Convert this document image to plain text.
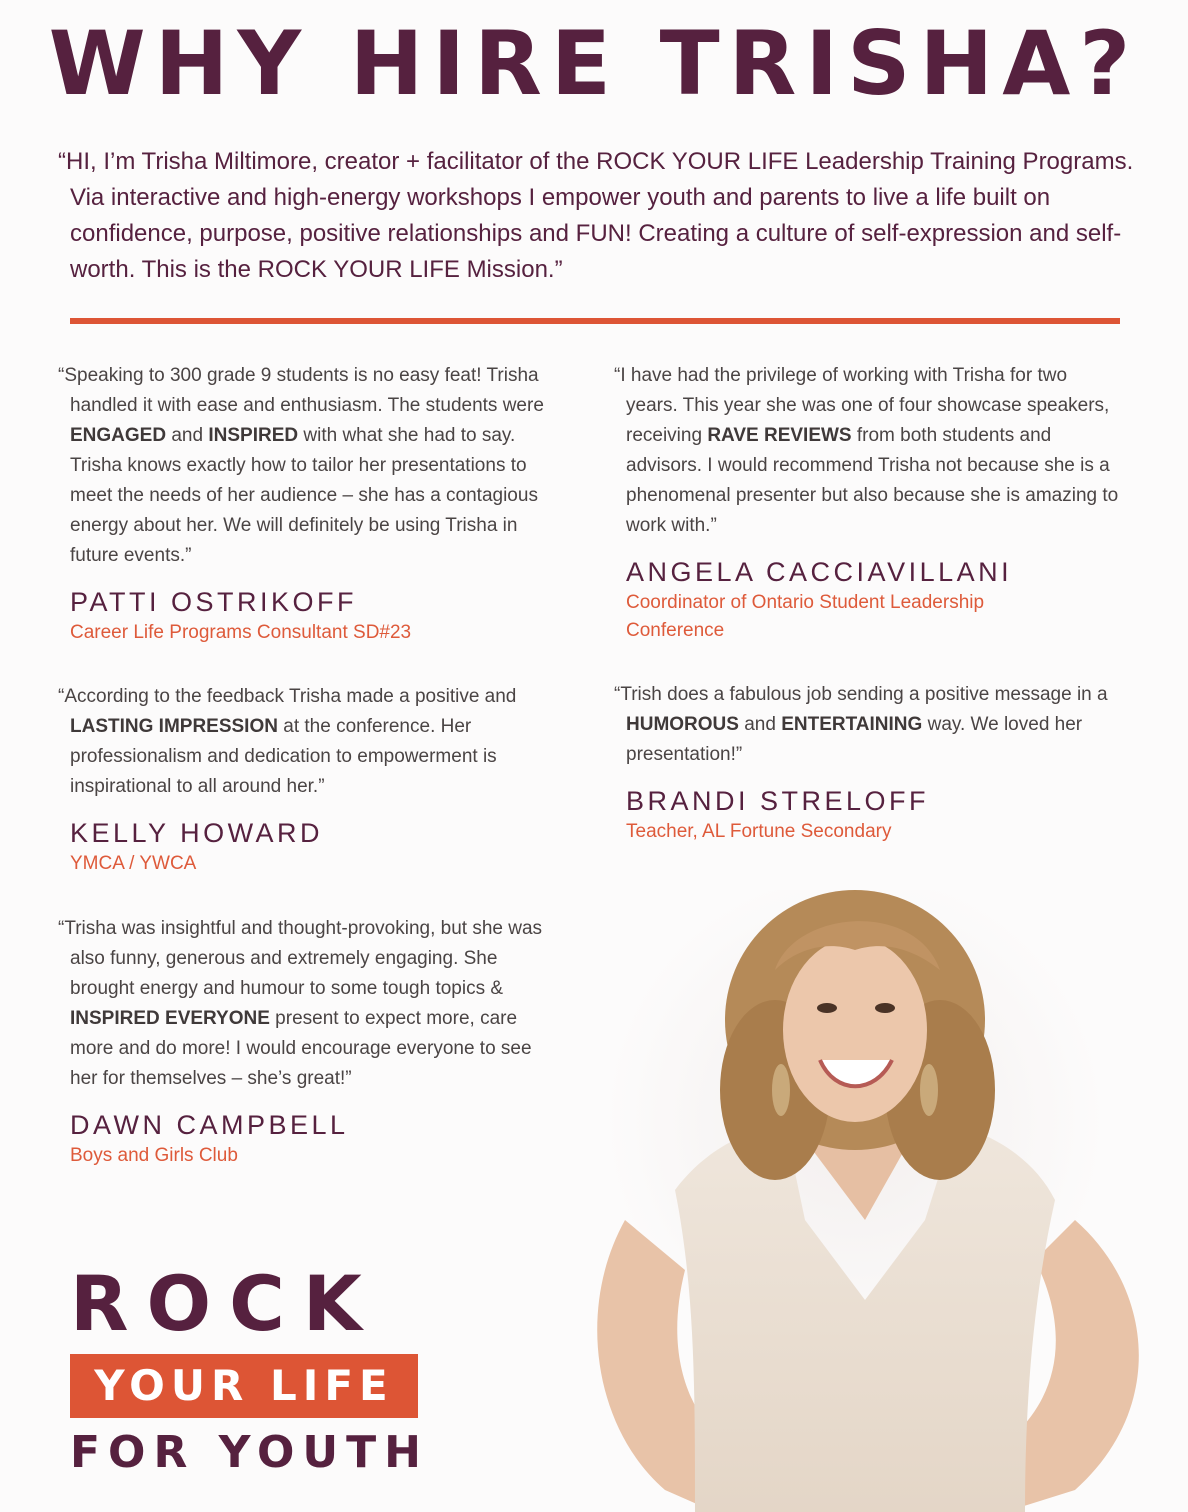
WHY HIRE TRISHA?

“HI, I’m Trisha Miltimore, creator + facilitator of the ROCK YOUR LIFE Leadership Training Programs. Via interactive and high-energy workshops I empower youth and parents to live a life built on confidence, purpose, positive relationships and FUN! Creating a culture of self-expression and self-worth. This is the ROCK YOUR LIFE Mission.”

“Speaking to 300 grade 9 students is no easy feat! Trisha handled it with ease and enthusiasm. The students were ENGAGED and INSPIRED with what she had to say. Trisha knows exactly how to tailor her presentations to meet the needs of her audience – she has a contagious energy about her. We will definitely be using Trisha in future events.”

PATTI OSTRIKOFF
Career Life Programs Consultant SD#23

“According to the feedback Trisha made a positive and LASTING IMPRESSION at the conference. Her professionalism and dedication to empowerment is inspirational to all around her.”

KELLY HOWARD
YMCA / YWCA

“Trisha was insightful and thought-provoking, but she was also funny, generous and extremely engaging. She brought energy and humour to some tough topics & INSPIRED EVERYONE present to expect more, care more and do more! I would encourage everyone to see her for themselves – she’s great!”

DAWN CAMPBELL
Boys and Girls Club

“I have had the privilege of working with Trisha for two years. This year she was one of four showcase speakers, receiving RAVE REVIEWS from both students and advisors. I would recommend Trisha not because she is a phenomenal presenter but also because she is amazing to work with.”

ANGELA CACCIAVILLANI
Coordinator of Ontario Student Leadership Conference

“Trish does a fabulous job sending a positive message in a HUMOROUS and ENTERTAINING way. We loved her presentation!”

BRANDI STRELOFF
Teacher, AL Fortune Secondary
ROCK
YOUR LIFE
FOR YOUTH
